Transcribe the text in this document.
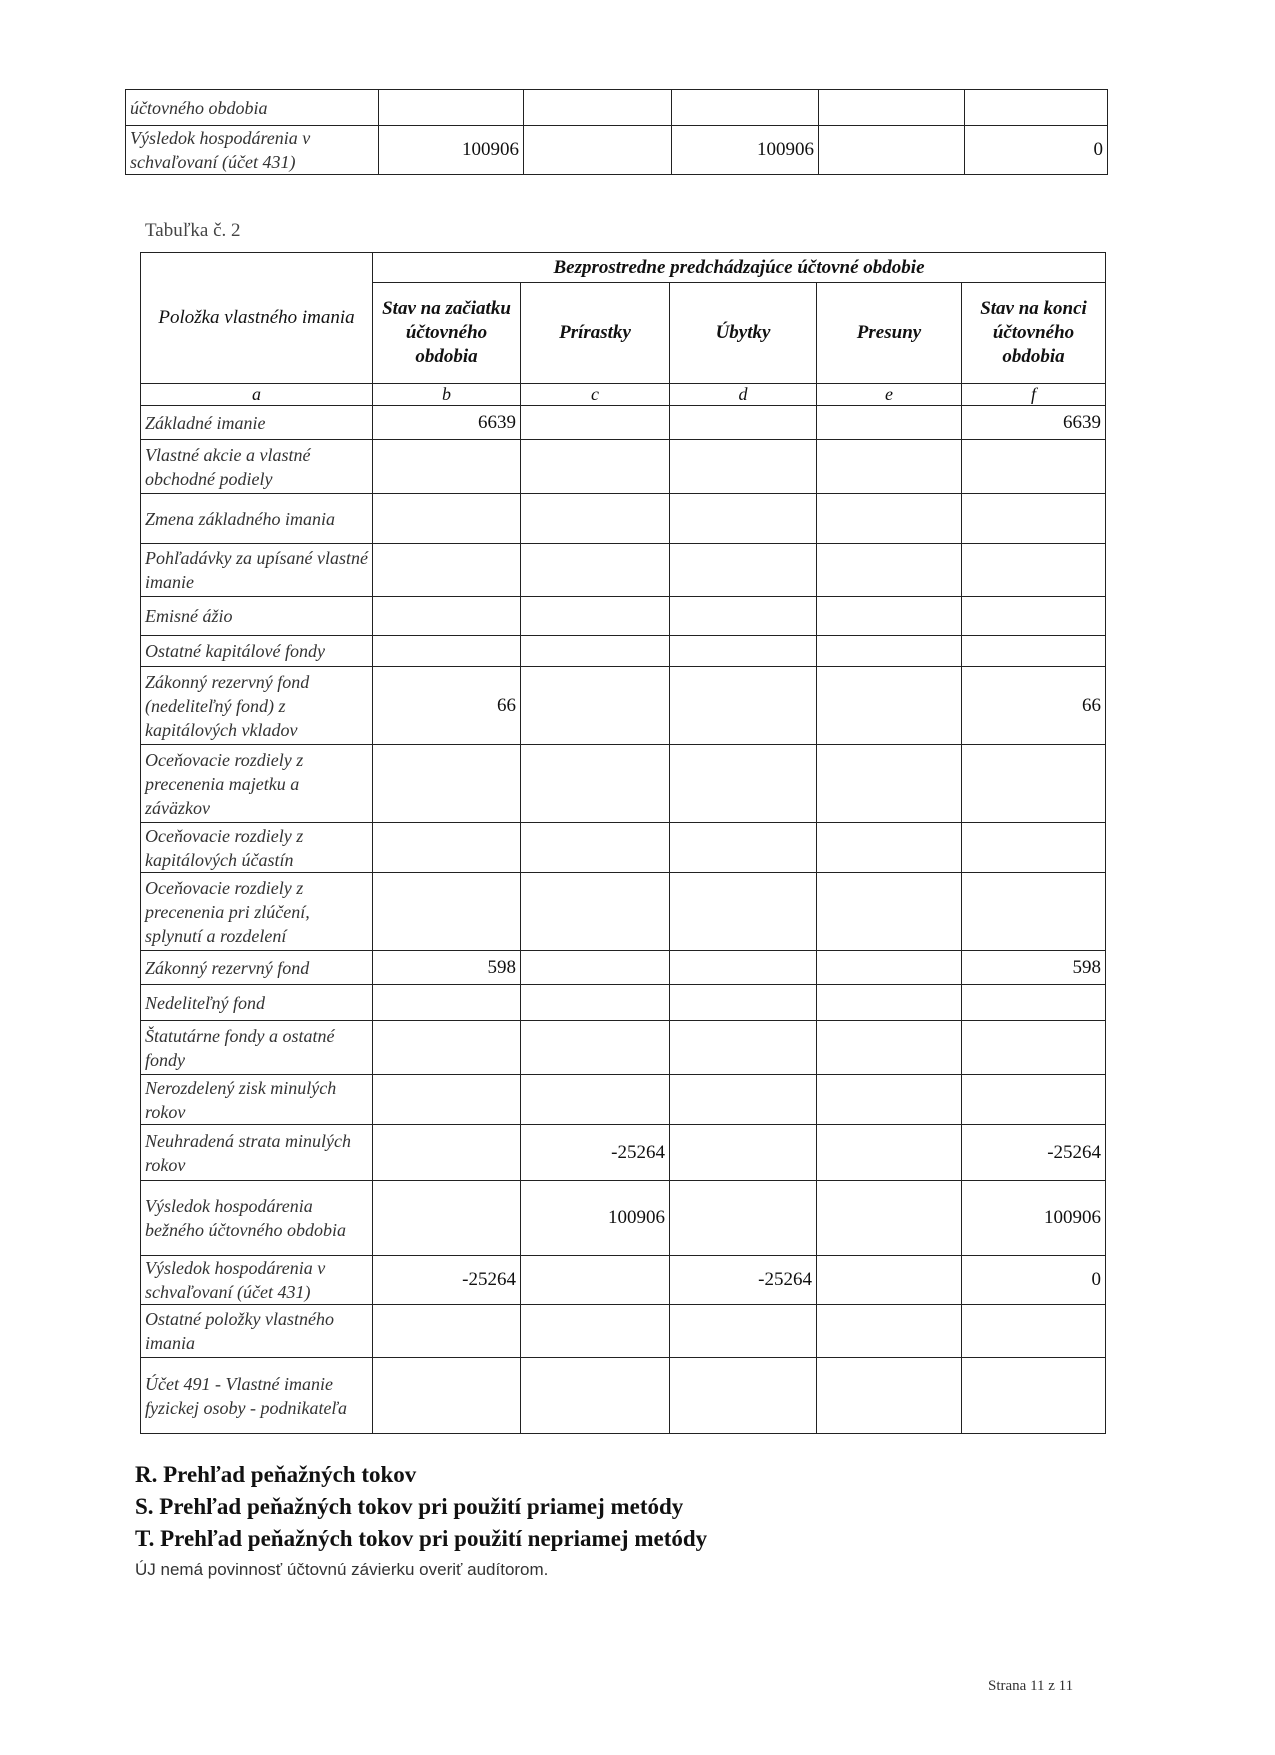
účtovného obdobia					
Výsledok hospodárenia v schvaľovaní (účet 431)	100906		100906		0
Tabuľka č. 2
Položka vlastného imania	Bezprostredne predchádzajúce účtovné obdobie				
	Stav na začiatku účtovného obdobia	Prírastky	Úbytky	Presuny	Stav na konci účtovného obdobia
a	b	c	d	e	f
Základné imanie	6639				6639
Vlastné akcie a vlastné obchodné podiely					
Zmena základného imania					
Pohľadávky za upísané vlastné imanie					
Emisné ážio					
Ostatné kapitálové fondy					
Zákonný rezervný fond (nedeliteľný fond) z kapitálových vkladov	66				66
Oceňovacie rozdiely z precenenia majetku a záväzkov					
Oceňovacie rozdiely z kapitálových účastín					
Oceňovacie rozdiely z precenenia pri zlúčení, splynutí a rozdelení					
Zákonný rezervný fond	598				598
Nedeliteľný fond					
Štatutárne fondy a ostatné fondy					
Nerozdelený zisk minulých rokov					
Neuhradená strata minulých rokov		-25264			-25264
Výsledok hospodárenia bežného účtovného obdobia		100906			100906
Výsledok hospodárenia v schvaľovaní (účet 431)	-25264		-25264		0
Ostatné položky vlastného imania					
Účet 491 - Vlastné imanie fyzickej osoby - podnikateľa					
R. Prehľad peňažných tokov
S. Prehľad peňažných tokov pri použití priamej metódy
T. Prehľad peňažných tokov pri použití nepriamej metódy
ÚJ nemá povinnosť účtovnú závierku overiť audítorom.
Strana 11 z 11
